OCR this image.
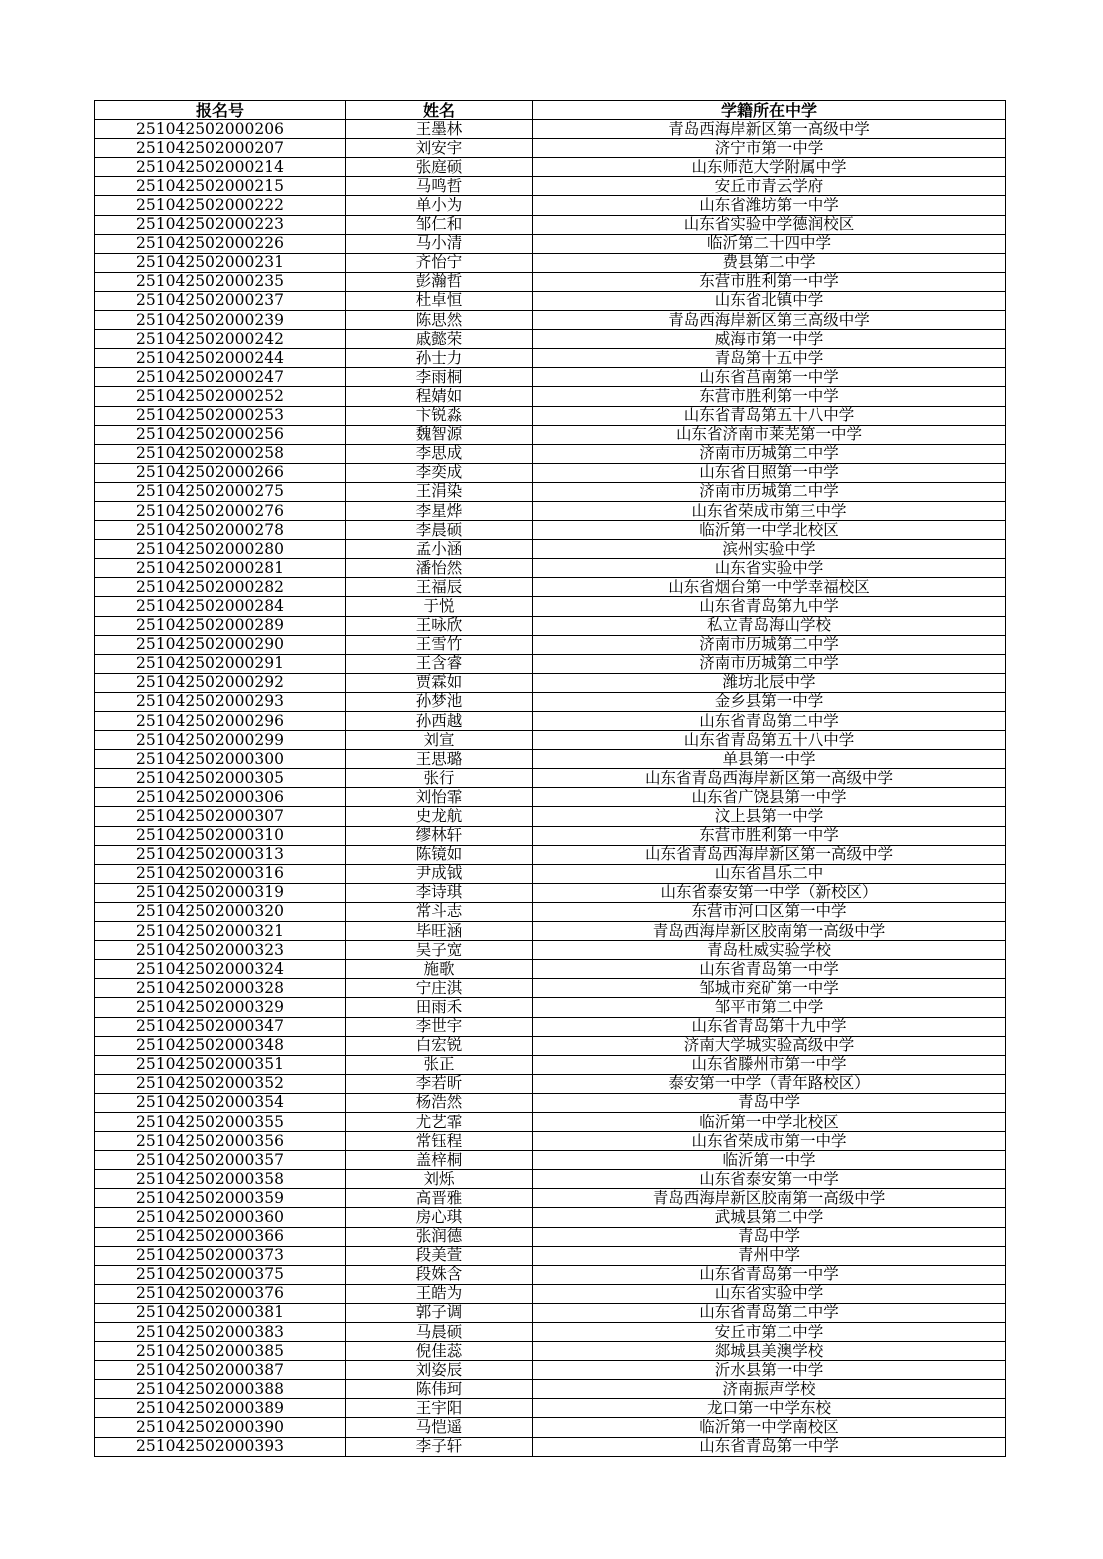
报名号	姓名	学籍所在中学
251042502000206	王墨林	青岛西海岸新区第一高级中学
251042502000207	刘安宇	济宁市第一中学
251042502000214	张庭硕	山东师范大学附属中学
251042502000215	马鸣哲	安丘市青云学府
251042502000222	单小为	山东省潍坊第一中学
251042502000223	邹仁和	山东省实验中学德润校区
251042502000226	马小清	临沂第二十四中学
251042502000231	齐怡宁	费县第二中学
251042502000235	彭瀚哲	东营市胜利第一中学
251042502000237	杜卓恒	山东省北镇中学
251042502000239	陈思然	青岛西海岸新区第三高级中学
251042502000242	戚懿荣	威海市第一中学
251042502000244	孙士力	青岛第十五中学
251042502000247	李雨桐	山东省莒南第一中学
251042502000252	程婧如	东营市胜利第一中学
251042502000253	卞锐淼	山东省青岛第五十八中学
251042502000256	魏智源	山东省济南市莱芜第一中学
251042502000258	李思成	济南市历城第二中学
251042502000266	李奕成	山东省日照第一中学
251042502000275	王涓染	济南市历城第二中学
251042502000276	李星烨	山东省荣成市第三中学
251042502000278	李晨硕	临沂第一中学北校区
251042502000280	孟小涵	滨州实验中学
251042502000281	潘怡然	山东省实验中学
251042502000282	王福辰	山东省烟台第一中学幸福校区
251042502000284	于悦	山东省青岛第九中学
251042502000289	王咏欣	私立青岛海山学校
251042502000290	王雪竹	济南市历城第二中学
251042502000291	王含睿	济南市历城第二中学
251042502000292	贾霖如	潍坊北辰中学
251042502000293	孙梦池	金乡县第一中学
251042502000296	孙西越	山东省青岛第二中学
251042502000299	刘宣	山东省青岛第五十八中学
251042502000300	王思璐	单县第一中学
251042502000305	张行	山东省青岛西海岸新区第一高级中学
251042502000306	刘怡霏	山东省广饶县第一中学
251042502000307	史龙航	汶上县第一中学
251042502000310	缪林轩	东营市胜利第一中学
251042502000313	陈镜如	山东省青岛西海岸新区第一高级中学
251042502000316	尹成钺	山东省昌乐二中
251042502000319	李诗琪	山东省泰安第一中学（新校区）
251042502000320	常斗志	东营市河口区第一中学
251042502000321	毕旺涵	青岛西海岸新区胶南第一高级中学
251042502000323	吴子宽	青岛杜威实验学校
251042502000324	施歌	山东省青岛第一中学
251042502000328	宁庄淇	邹城市兖矿第一中学
251042502000329	田雨禾	邹平市第二中学
251042502000347	李世宇	山东省青岛第十九中学
251042502000348	白宏锐	济南大学城实验高级中学
251042502000351	张正	山东省滕州市第一中学
251042502000352	李若昕	泰安第一中学（青年路校区）
251042502000354	杨浩然	青岛中学
251042502000355	尤艺霏	临沂第一中学北校区
251042502000356	常钰程	山东省荣成市第一中学
251042502000357	盖梓桐	临沂第一中学
251042502000358	刘烁	山东省泰安第一中学
251042502000359	高晋雅	青岛西海岸新区胶南第一高级中学
251042502000360	房心琪	武城县第二中学
251042502000366	张润德	青岛中学
251042502000373	段美萱	青州中学
251042502000375	段姝含	山东省青岛第一中学
251042502000376	王皓为	山东省实验中学
251042502000381	郭子调	山东省青岛第二中学
251042502000383	马晨硕	安丘市第二中学
251042502000385	倪佳蕊	郯城县美澳学校
251042502000387	刘姿辰	沂水县第一中学
251042502000388	陈伟珂	济南振声学校
251042502000389	王宇阳	龙口第一中学东校
251042502000390	马恺遥	临沂第一中学南校区
251042502000393	李子轩	山东省青岛第一中学
